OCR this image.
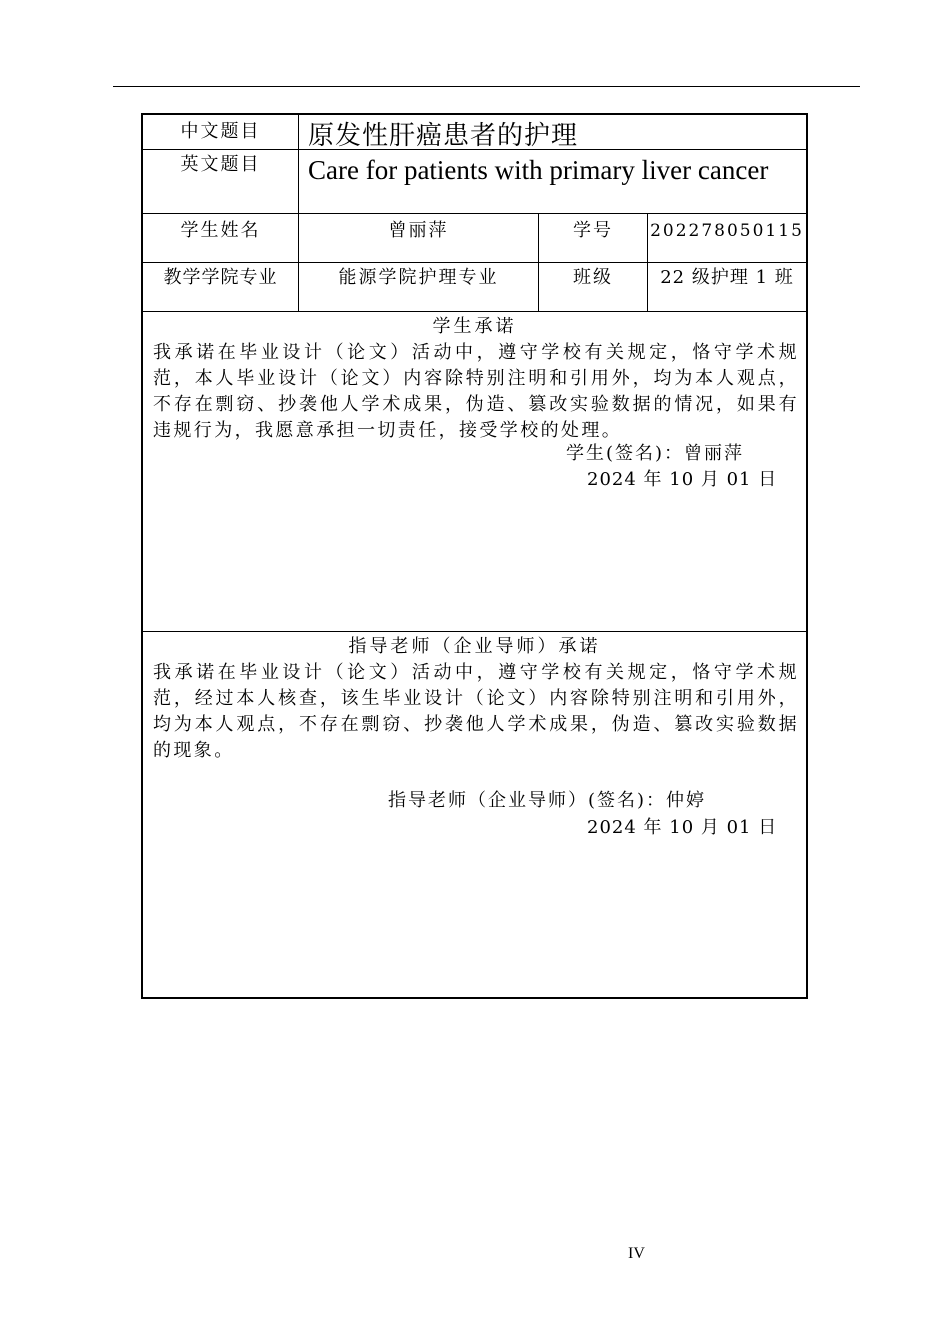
中文题目	原发性肝癌患者的护理
英文题目	Care for patients with primary liver cancer
学生姓名	曾丽萍	学号	202278050115
教学学院专业	能源学院护理专业	班级	22 级护理 1 班
学生承诺
我承诺在毕业设计（论文）活动中，遵守学校有关规定，恪守学术规范，本人毕业设计（论文）内容除特别注明和引用外，均为本人观点，不存在剽窃、抄袭他人学术成果，伪造、篡改实验数据的情况，如果有违规行为，我愿意承担一切责任，接受学校的处理。
学生(签名)：曾丽萍
2024 年 10 月 01 日
指导老师（企业导师）承诺
我承诺在毕业设计（论文）活动中，遵守学校有关规定，恪守学术规范，经过本人核查，该生毕业设计（论文）内容除特别注明和引用外，均为本人观点，不存在剽窃、抄袭他人学术成果，伪造、篡改实验数据的现象。
指导老师（企业导师）(签名)：仲婷
2024 年 10 月 01 日
IV
